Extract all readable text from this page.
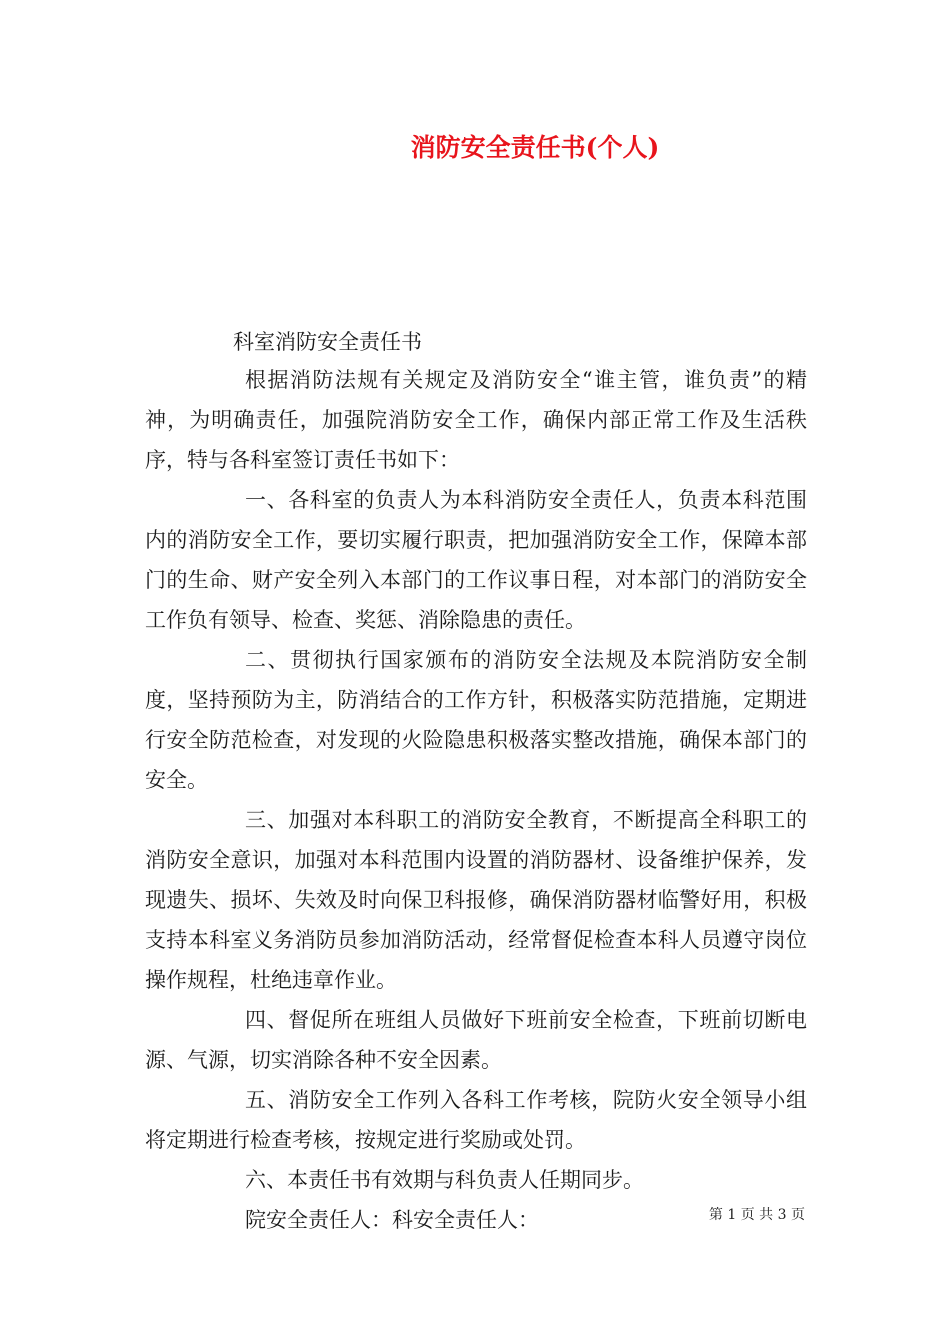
消防安全责任书(个人)
科室消防安全责任书

根据消防法规有关规定及消防安全“谁主管，谁负责”的精神，为明确责任，加强院消防安全工作，确保内部正常工作及生活秩序，特与各科室签订责任书如下：

一、各科室的负责人为本科消防安全责任人，负责本科范围内的消防安全工作，要切实履行职责，把加强消防安全工作，保障本部门的生命、财产安全列入本部门的工作议事日程，对本部门的消防安全工作负有领导、检查、奖惩、消除隐患的责任。

二、贯彻执行国家颁布的消防安全法规及本院消防安全制度，坚持预防为主，防消结合的工作方针，积极落实防范措施，定期进行安全防范检查，对发现的火险隐患积极落实整改措施，确保本部门的安全。

三、加强对本科职工的消防安全教育，不断提高全科职工的消防安全意识，加强对本科范围内设置的消防器材、设备维护保养，发现遗失、损坏、失效及时向保卫科报修，确保消防器材临警好用，积极支持本科室义务消防员参加消防活动，经常督促检查本科人员遵守岗位操作规程，杜绝违章作业。

四、督促所在班组人员做好下班前安全检查，下班前切断电源、气源，切实消除各种不安全因素。

五、消防安全工作列入各科工作考核，院防火安全领导小组将定期进行检查考核，按规定进行奖励或处罚。

六、本责任书有效期与科负责人任期同步。

院安全责任人：科安全责任人：	第 1 页 共 3 页
